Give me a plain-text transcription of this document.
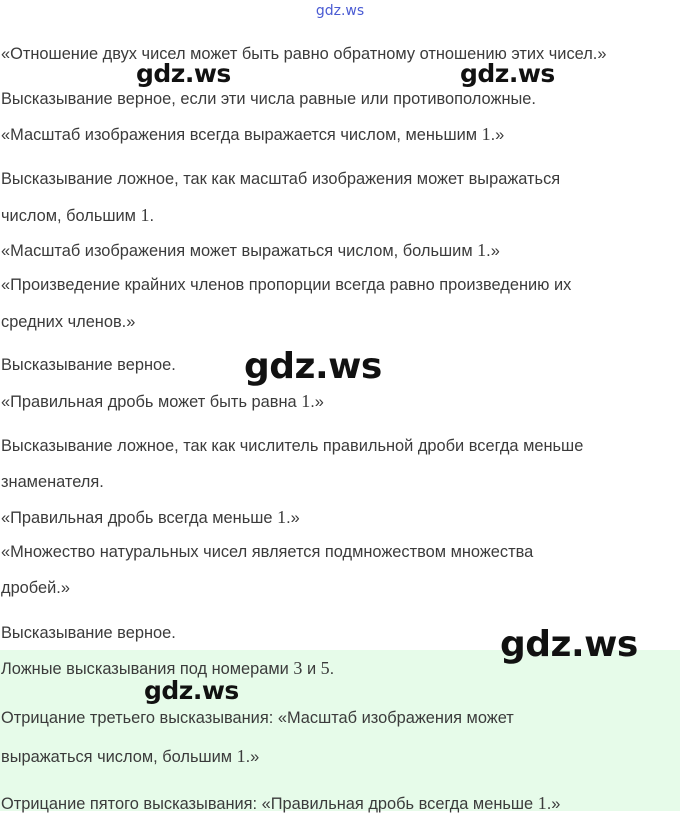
gdz.ws

«Отношение двух чисел может быть равно обратному отношению этих чисел.»

Высказывание верное, если эти числа равные или противоположные.

«Масштаб изображения всегда выражается числом, меньшим 1.»

Высказывание ложное, так как масштаб изображения может выражаться

числом, большим 1.

«Масштаб изображения может выражаться числом, большим 1.»

«Произведение крайних членов пропорции всегда равно произведению их

средних членов.»

Высказывание верное.

«Правильная дробь может быть равна 1.»

Высказывание ложное, так как числитель правильной дроби всегда меньше

знаменателя.

«Правильная дробь всегда меньше 1.»

«Множество натуральных чисел является подмножеством множества

дробей.»

Высказывание верное.

Ложные высказывания под номерами 3 и 5.

Отрицание третьего высказывания: «Масштаб изображения может

выражаться числом, большим 1.»

Отрицание пятого высказывания: «Правильная дробь всегда меньше 1.»

gdz.ws	gdz.ws
gdz.ws
gdz.ws
gdz.ws
